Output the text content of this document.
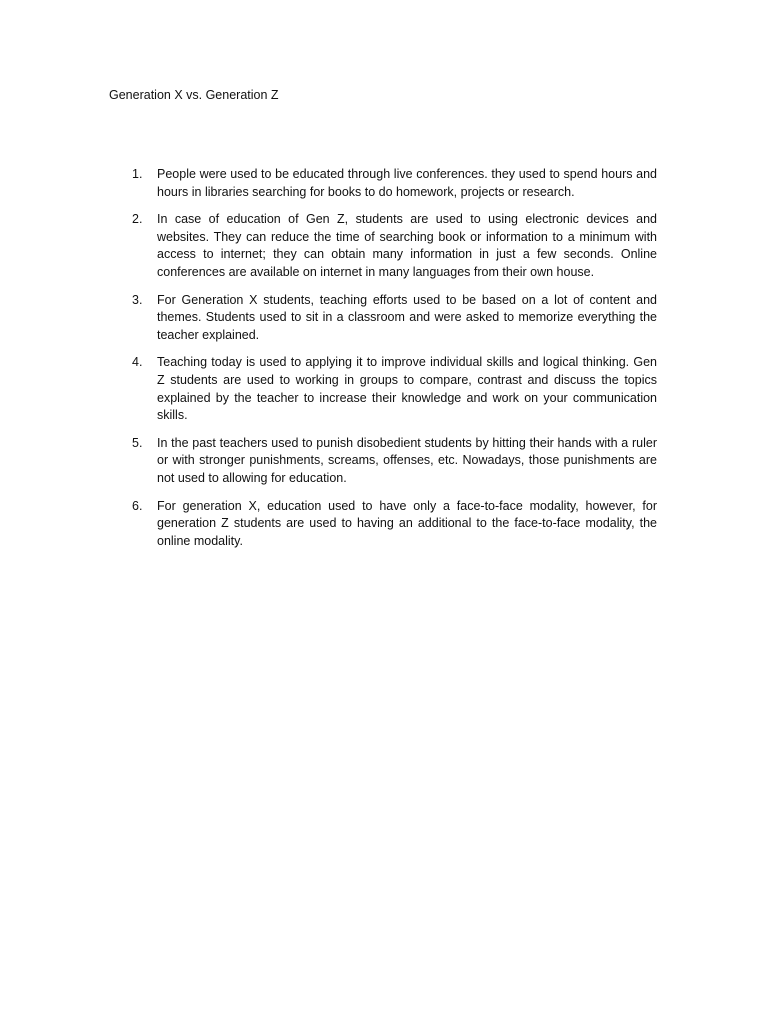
Generation X vs. Generation Z
1. People were used to be educated through live conferences. they used to spend hours and hours in libraries searching for books to do homework, projects or research.
2. In case of education of Gen Z, students are used to using electronic devices and websites. They can reduce the time of searching book or information to a minimum with access to internet; they can obtain many information in just a few seconds. Online conferences are available on internet in many languages from their own house.
3. For Generation X students, teaching efforts used to be based on a lot of content and themes. Students used to sit in a classroom and were asked to memorize everything the teacher explained.
4. Teaching today is used to applying it to improve individual skills and logical thinking. Gen Z students are used to working in groups to compare, contrast and discuss the topics explained by the teacher to increase their knowledge and work on your communication skills.
5. In the past teachers used to punish disobedient students by hitting their hands with a ruler or with stronger punishments, screams, offenses, etc. Nowadays, those punishments are not used to allowing for education.
6. For generation X, education used to have only a face-to-face modality, however, for generation Z students are used to having an additional to the face-to-face modality, the online modality.
